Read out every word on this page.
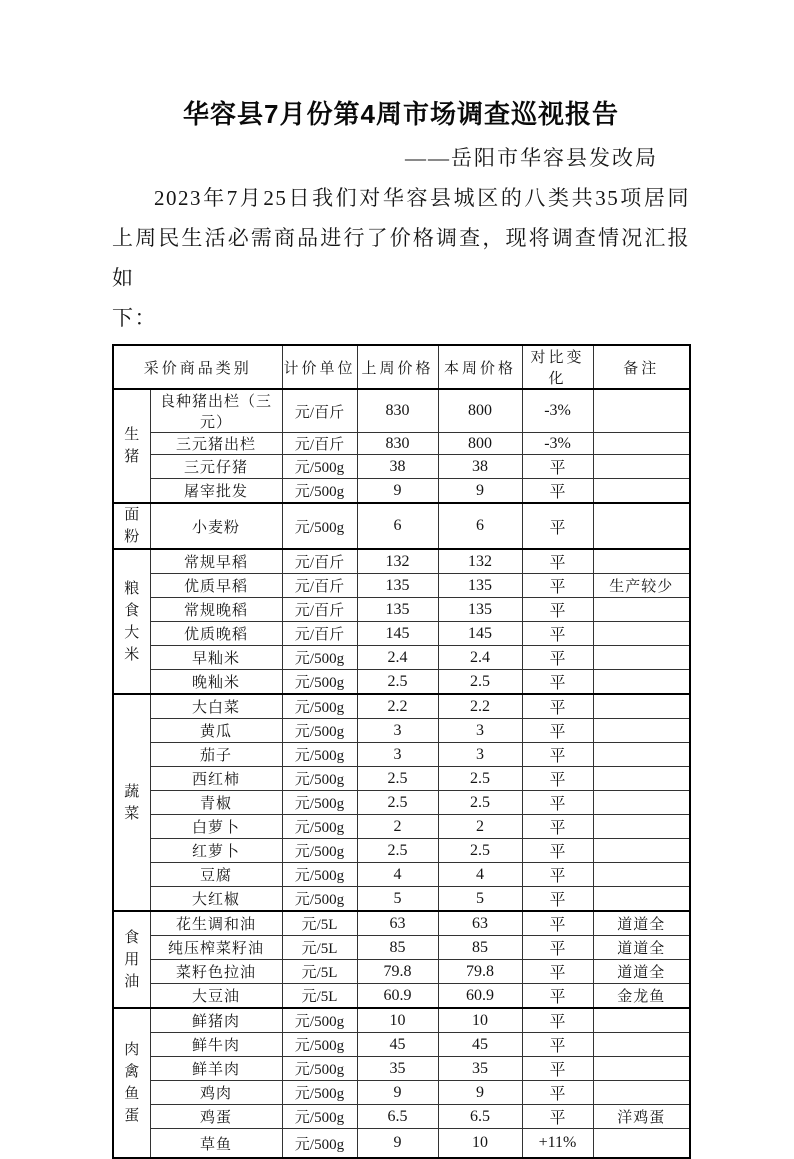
华容县7月份第4周市场调查巡视报告
——岳阳市华容县发改局
2023年7月25日我们对华容县城区的八类共35项居同
上周民生活必需商品进行了价格调查，现将调查情况汇报如
下：
采价商品类别		计价单位	上周价格	本周价格	对比变化	备注

生猪	良种猪出栏（三元）	元/百斤	830	800	-3%	
	三元猪出栏	元/百斤	830	800	-3%	
	三元仔猪	元/500g	38	38	平	
	屠宰批发	元/500g	9	9	平	

面粉	小麦粉	元/500g	6	6	平	

粮食大米	常规早稻	元/百斤	132	132	平	
	优质早稻	元/百斤	135	135	平	生产较少
	常规晚稻	元/百斤	135	135	平	
	优质晚稻	元/百斤	145	145	平	
	早籼米	元/500g	2.4	2.4	平	
	晚籼米	元/500g	2.5	2.5	平	

蔬菜	大白菜	元/500g	2.2	2.2	平	
	黄瓜	元/500g	3	3	平	
	茄子	元/500g	3	3	平	
	西红柿	元/500g	2.5	2.5	平	
	青椒	元/500g	2.5	2.5	平	
	白萝卜	元/500g	2	2	平	
	红萝卜	元/500g	2.5	2.5	平	
	豆腐	元/500g	4	4	平	
	大红椒	元/500g	5	5	平	

食用油	花生调和油	元/5L	63	63	平	道道全
	纯压榨菜籽油	元/5L	85	85	平	道道全
	菜籽色拉油	元/5L	79.8	79.8	平	道道全
	大豆油	元/5L	60.9	60.9	平	金龙鱼

肉禽鱼蛋	鲜猪肉	元/500g	10	10	平	
	鲜牛肉	元/500g	45	45	平	
	鲜羊肉	元/500g	35	35	平	
	鸡肉	元/500g	9	9	平	
	鸡蛋	元/500g	6.5	6.5	平	洋鸡蛋
	草鱼	元/500g	9	10	+11%	
